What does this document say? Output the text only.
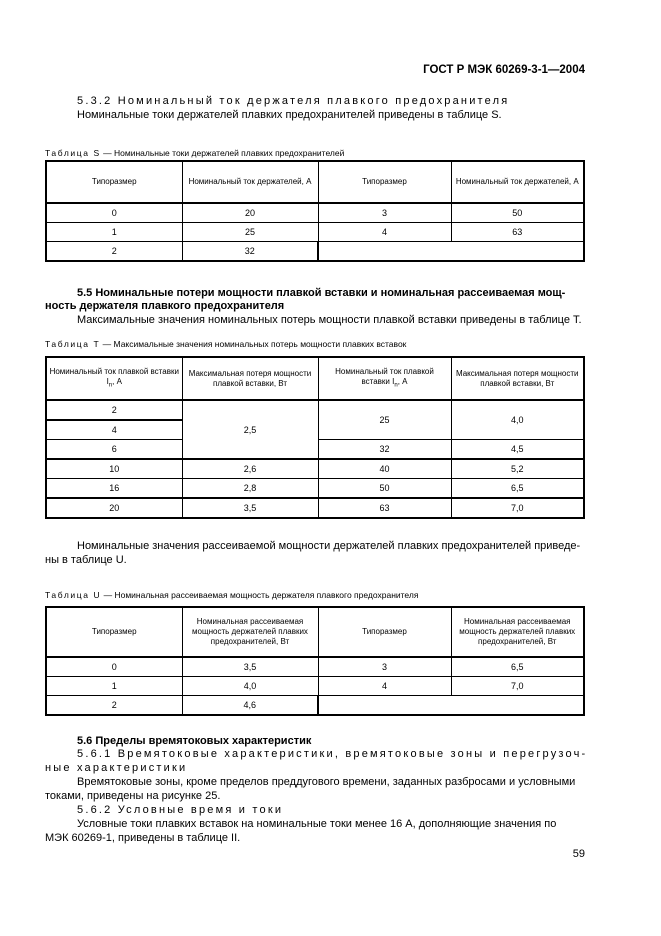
ГОСТ Р МЭК 60269-3-1—2004
5.3.2 Номинальный ток держателя плавкого предохранителя
Номинальные токи держателей плавких предохранителей приведены в таблице S.
Таблица S — Номинальные токи держателей плавких предохранителей
Типоразмер	Номинальный ток держателей, А	Типоразмер	Номинальный ток держателей, А
0	20	3	50
1	25	4	63
2	32		
5.5 Номинальные потери мощности плавкой вставки и номинальная рассеиваемая мощ-
ность держателя плавкого предохранителя
Максимальные значения номинальных потерь мощности плавкой вставки приведены в таблице Т.
Таблица Т — Максимальные значения номинальных потерь мощности плавких вставок
Номинальный ток плавкой вставки $I_n$, А	Максимальная потеря мощности плавкой вставки, Вт	Номинальный ток плавкой вставки $I_n$, А	Максимальная потеря мощности плавкой вставки, Вт
2	2,5	25	4,0
4			
6		32	4,5
10	2,6	40	5,2
16	2,8	50	6,5
20	3,5	63	7,0
Номинальные значения рассеиваемой мощности держателей плавких предохранителей приведе-
ны в таблице U.
Таблица U — Номинальная рассеиваемая мощность держателя плавкого предохранителя
Типоразмер	Номинальная рассеиваемая мощность держателей плавких предохранителей, Вт	Типоразмер	Номинальная рассеиваемая мощность держателей плавких предохранителей, Вт
0	3,5	3	6,5
1	4,0	4	7,0
2	4,6		
5.6 Пределы времятоковых характеристик
5.6.1 Времятоковые характеристики, времятоковые зоны и перегрузоч-
ные характеристики
Времятоковые зоны, кроме пределов преддугового времени, заданных разбросами и условными
токами, приведены на рисунке 25.
5.6.2 Условные время и токи
Условные токи плавких вставок на номинальные токи менее 16 А, дополняющие значения по
МЭК 60269-1, приведены в таблице II.
59
